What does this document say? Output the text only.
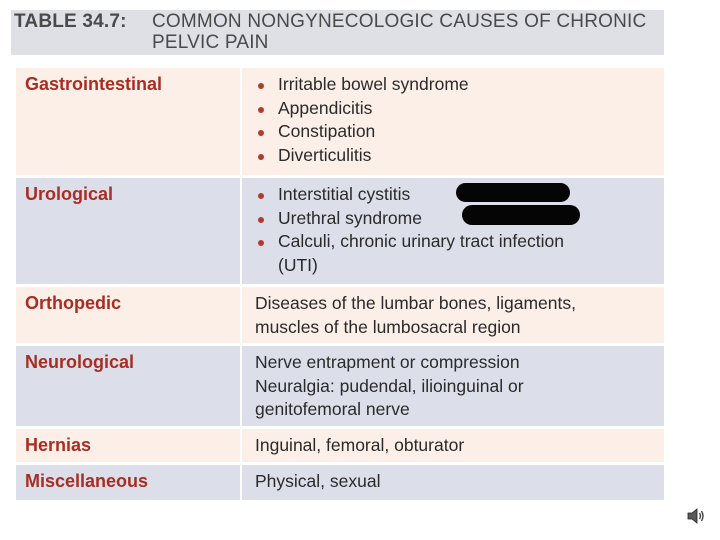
TABLE 34.7: COMMON NONGYNECOLOGIC CAUSES OF CHRONIC PELVIC PAIN
Gastrointestinal	Irritable bowel syndrome
Appendicitis
Constipation
Diverticulitis
Urological	Interstitial cystitis
Urethral syndrome
Calculi, chronic urinary tract infection
(UTI)
Orthopedic	Diseases of the lumbar bones, ligaments,

muscles of the lumbosacral region

Neurological	Nerve entrapment or compression

Neuralgia: pudendal, ilioinguinal or

genitofemoral nerve

Hernias	Inguinal, femoral, obturator

Miscellaneous	Physical, sexual
